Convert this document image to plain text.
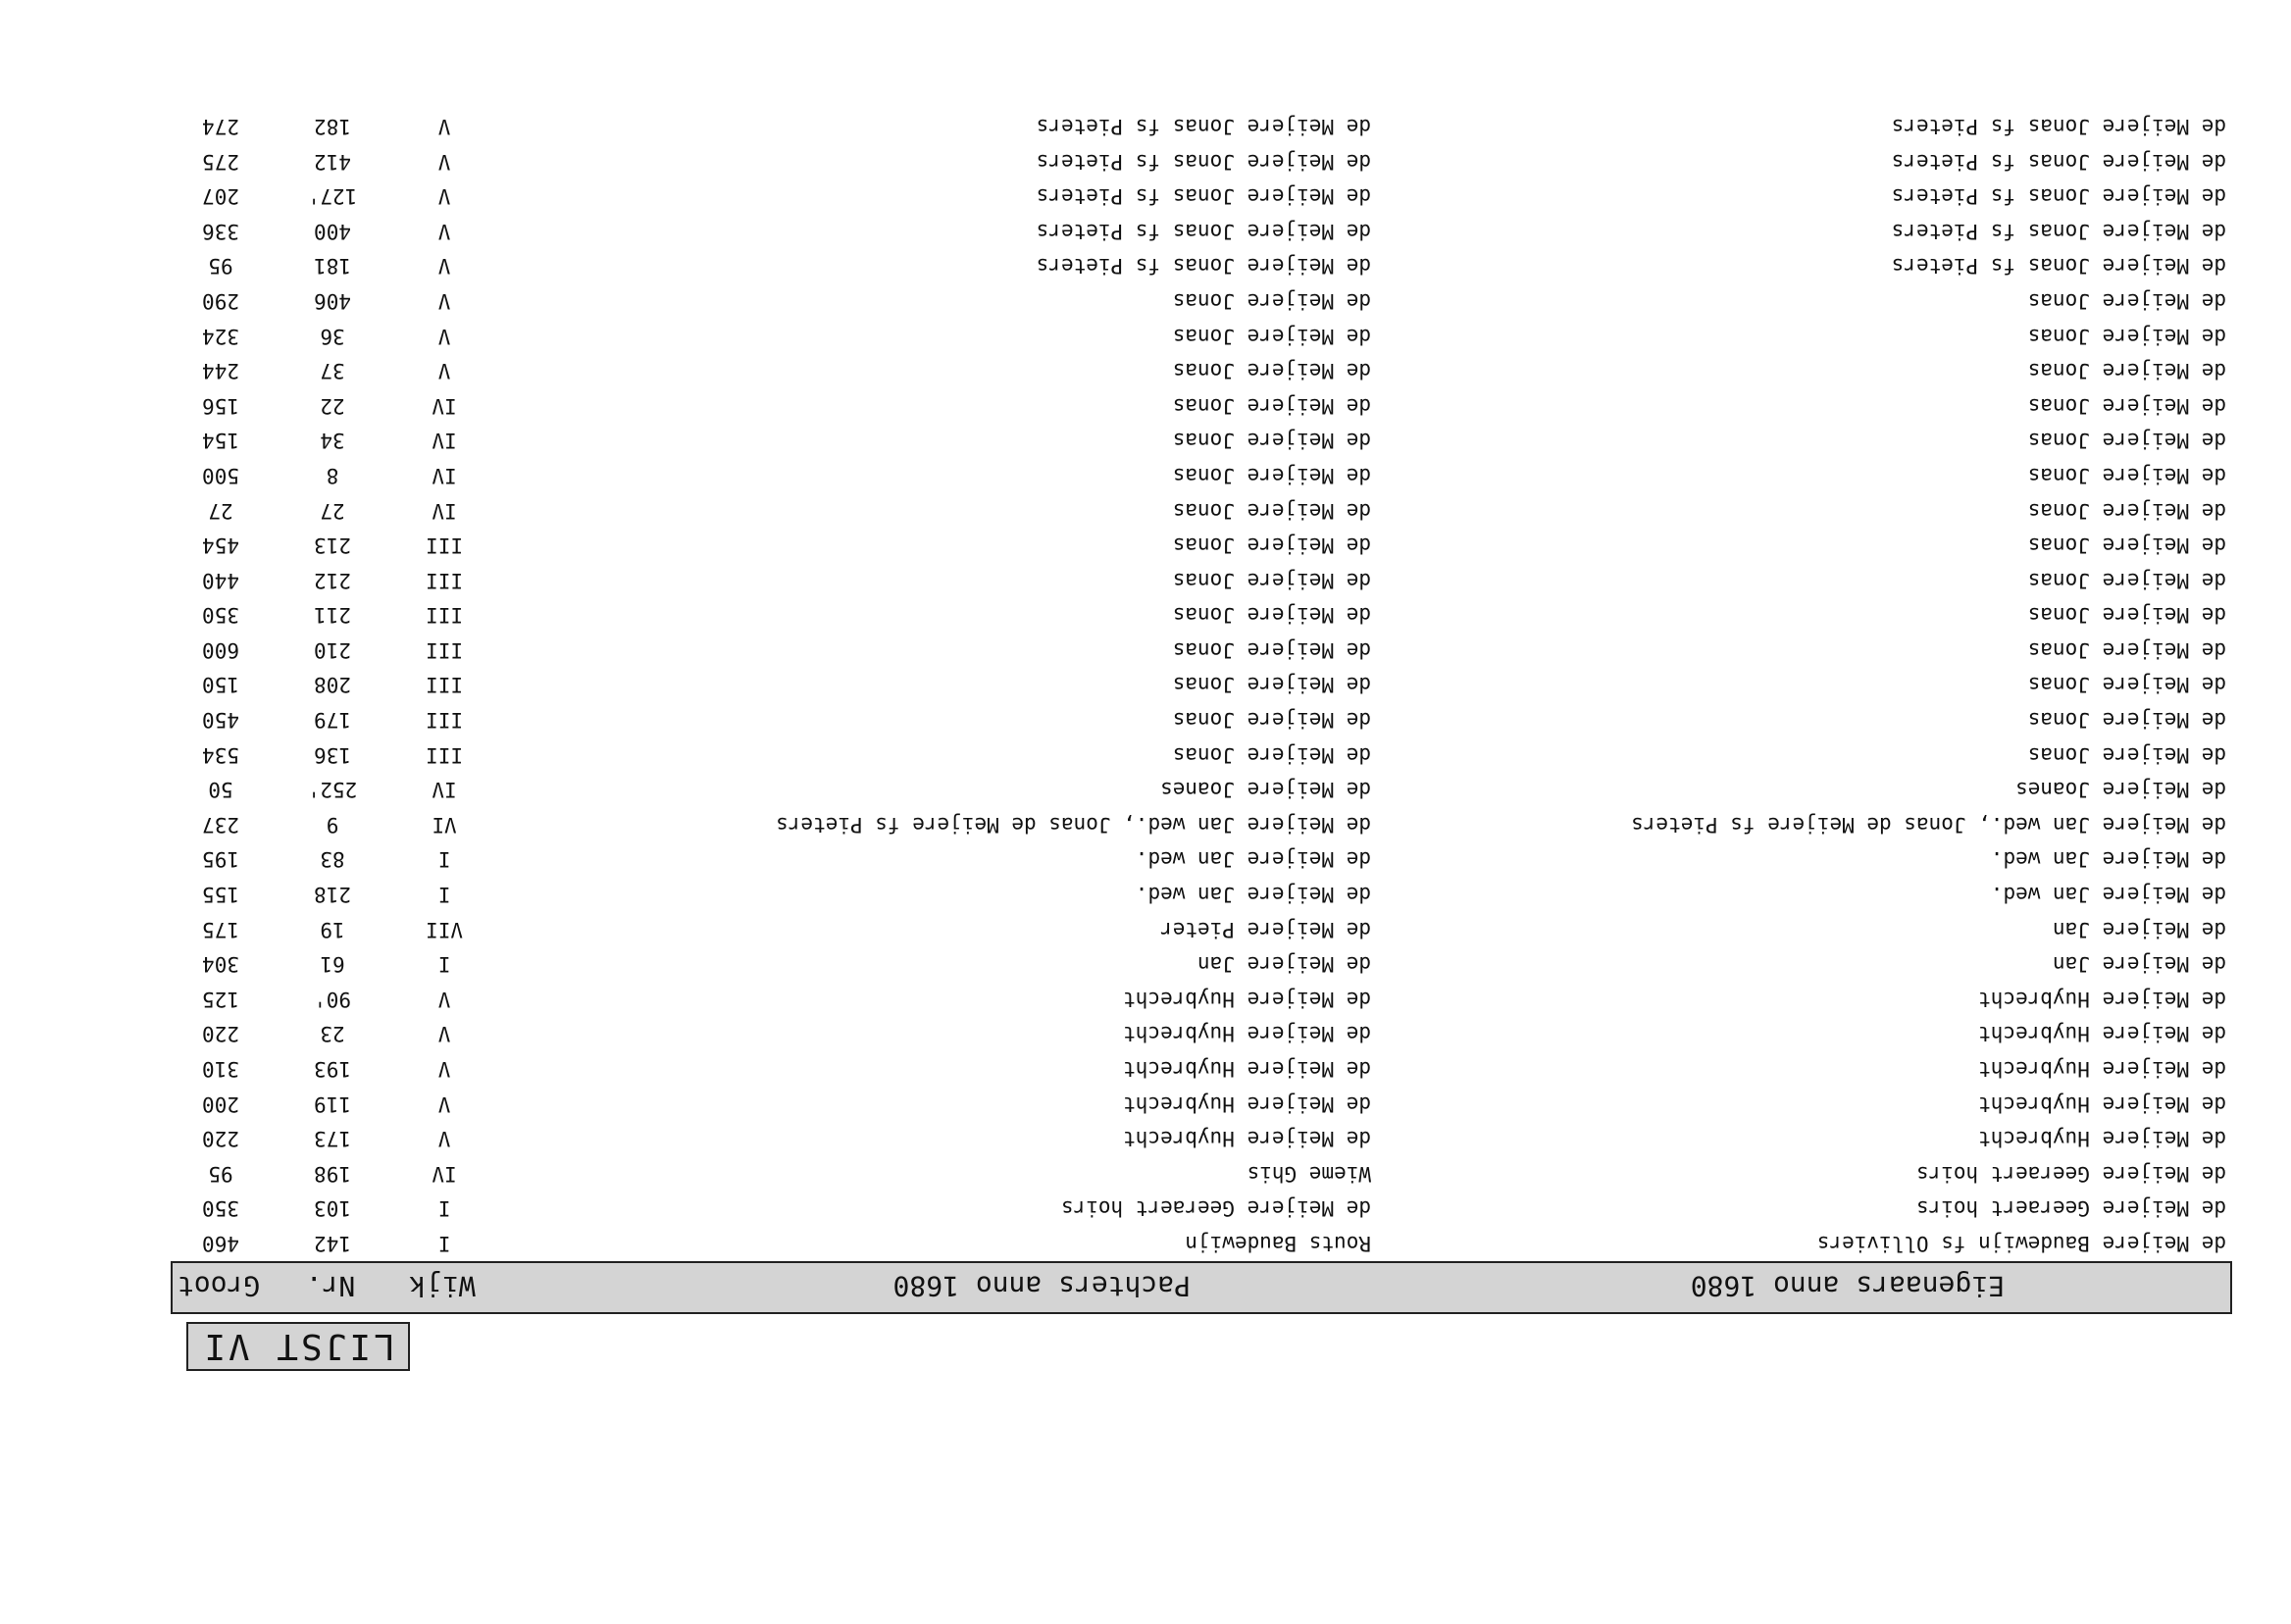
LIJST VI
Eigenaars anno 1680
Pachters anno 1680
Wijk
Nr.
Groot
de Meijere Baudewijn fs Olliviers
Routs Baudewijn
I
142
460
de Meijere Geeraert hoirs
de Meijere Geeraert hoirs
I
103
350
de Meijere Geeraert hoirs
Wieme Ghis
IV
198
95
de Meijere Huybrecht
de Meijere Huybrecht
V
173
220
de Meijere Huybrecht
de Meijere Huybrecht
V
119
200
de Meijere Huybrecht
de Meijere Huybrecht
V
193
310
de Meijere Huybrecht
de Meijere Huybrecht
V
23
220
de Meijere Huybrecht
de Meijere Huybrecht
V
90'
125
de Meijere Jan
de Meijere Jan
I
61
304
de Meijere Jan
de Meijere Pieter
VII
19
175
de Meijere Jan wed.
de Meijere Jan wed.
I
218
155
de Meijere Jan wed.
de Meijere Jan wed.
I
83
195
de Meijere Jan wed., Jonas de Meijere fs Pieters
de Meijere Jan wed., Jonas de Meijere fs Pieters
VI
9
237
de Meijere Joanes
de Meijere Joanes
IV
252'
50
de Meijere Jonas
de Meijere Jonas
III
136
534
de Meijere Jonas
de Meijere Jonas
III
179
450
de Meijere Jonas
de Meijere Jonas
III
208
150
de Meijere Jonas
de Meijere Jonas
III
210
600
de Meijere Jonas
de Meijere Jonas
III
211
350
de Meijere Jonas
de Meijere Jonas
III
212
440
de Meijere Jonas
de Meijere Jonas
III
213
454
de Meijere Jonas
de Meijere Jonas
IV
27
27
de Meijere Jonas
de Meijere Jonas
IV
8
500
de Meijere Jonas
de Meijere Jonas
IV
34
154
de Meijere Jonas
de Meijere Jonas
IV
22
156
de Meijere Jonas
de Meijere Jonas
V
37
244
de Meijere Jonas
de Meijere Jonas
V
36
324
de Meijere Jonas
de Meijere Jonas
V
406
290
de Meijere Jonas fs Pieters
de Meijere Jonas fs Pieters
V
181
95
de Meijere Jonas fs Pieters
de Meijere Jonas fs Pieters
V
400
336
de Meijere Jonas fs Pieters
de Meijere Jonas fs Pieters
V
127'
207
de Meijere Jonas fs Pieters
de Meijere Jonas fs Pieters
V
412
275
de Meijere Jonas fs Pieters
de Meijere Jonas fs Pieters
V
182
274
